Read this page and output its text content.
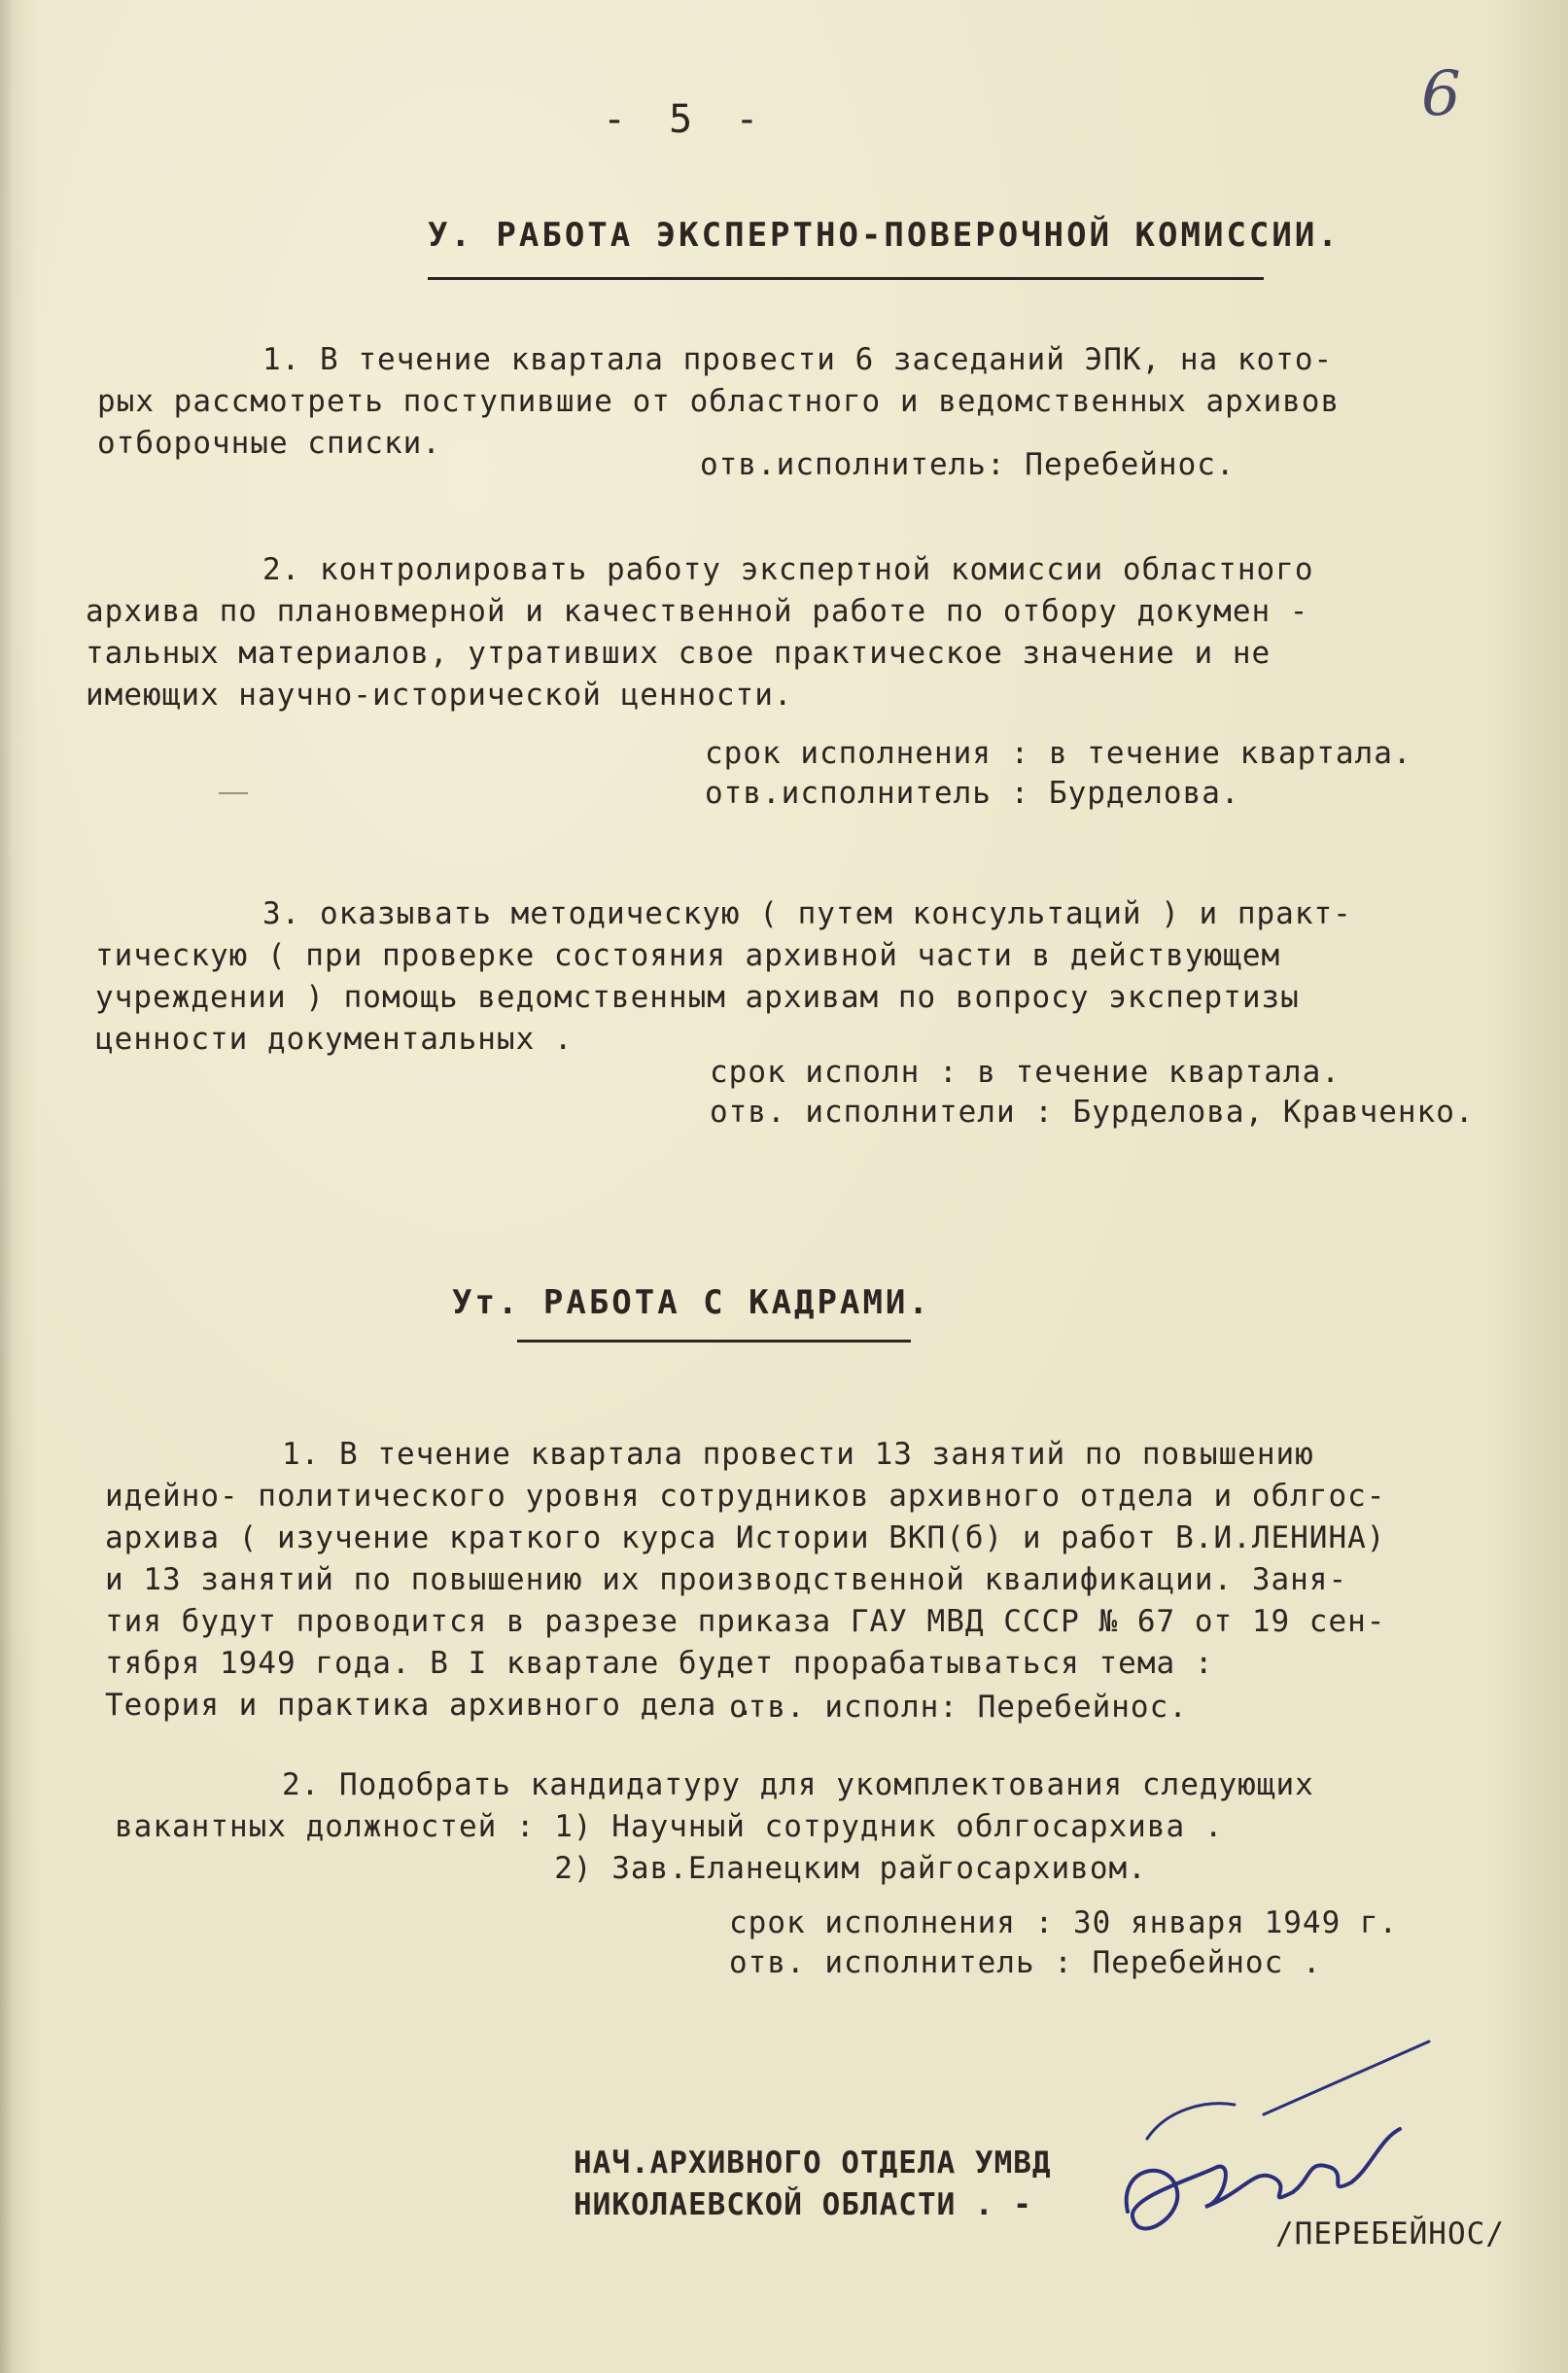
- 5 -	6
У. РАБОТА ЭКСПЕРТНО-ПОВЕРОЧНОЙ КОМИССИИ.
1. В течение квартала провести 6 заседаний ЭПК, на кото-
рых рассмотреть поступившие от областного и ведомственных архивов
отборочные списки.
отв.исполнитель: Перебейнос.
2. контролировать работу экспертной комиссии областного
архива по плановмерной и качественной работе по отбору докумен -
тальных материалов, утративших свое практическое значение и не
имеющих научно-исторической ценности.
срок исполнения : в течение квартала.
отв.исполнитель : Бурделова.
3. оказывать методическую ( путем консультаций ) и практ-
тическую ( при проверке состояния архивной части в действующем
учреждении ) помощь ведомственным архивам по вопросу экспертизы
ценности документальных .
срок исполн : в течение квартала.
отв. исполнители : Бурделова, Кравченко.
Ут. РАБОТА С КАДРАМИ.
1. В течение квартала провести 13 занятий по повышению
идейно- политического уровня сотрудников архивного отдела и облгос-
архива ( изучение краткого курса Истории ВКП(б) и работ В.И.ЛЕНИНА)
и 13 занятий по повышению их производственной квалификации. Заня-
тия будут проводится в разрезе приказа ГАУ МВД СССР № 67 от 19 сен-
тября 1949 года. В I квартале будет прорабатываться тема :
Теория и практика архивного дела .
отв. исполн: Перебейнос.
2. Подобрать кандидатуру для укомплектования следующих
вакантных должностей : 1) Научный сотрудник облгосархива .
2) Зав.Еланецким райгосархивом.
срок исполнения : 30 января 1949 г.
отв. исполнитель : Перебейнос .
НАЧ.АРХИВНОГО ОТДЕЛА УМВД
НИКОЛАЕВСКОЙ ОБЛАСТИ . -
/ПЕРЕБЕЙНОС/
